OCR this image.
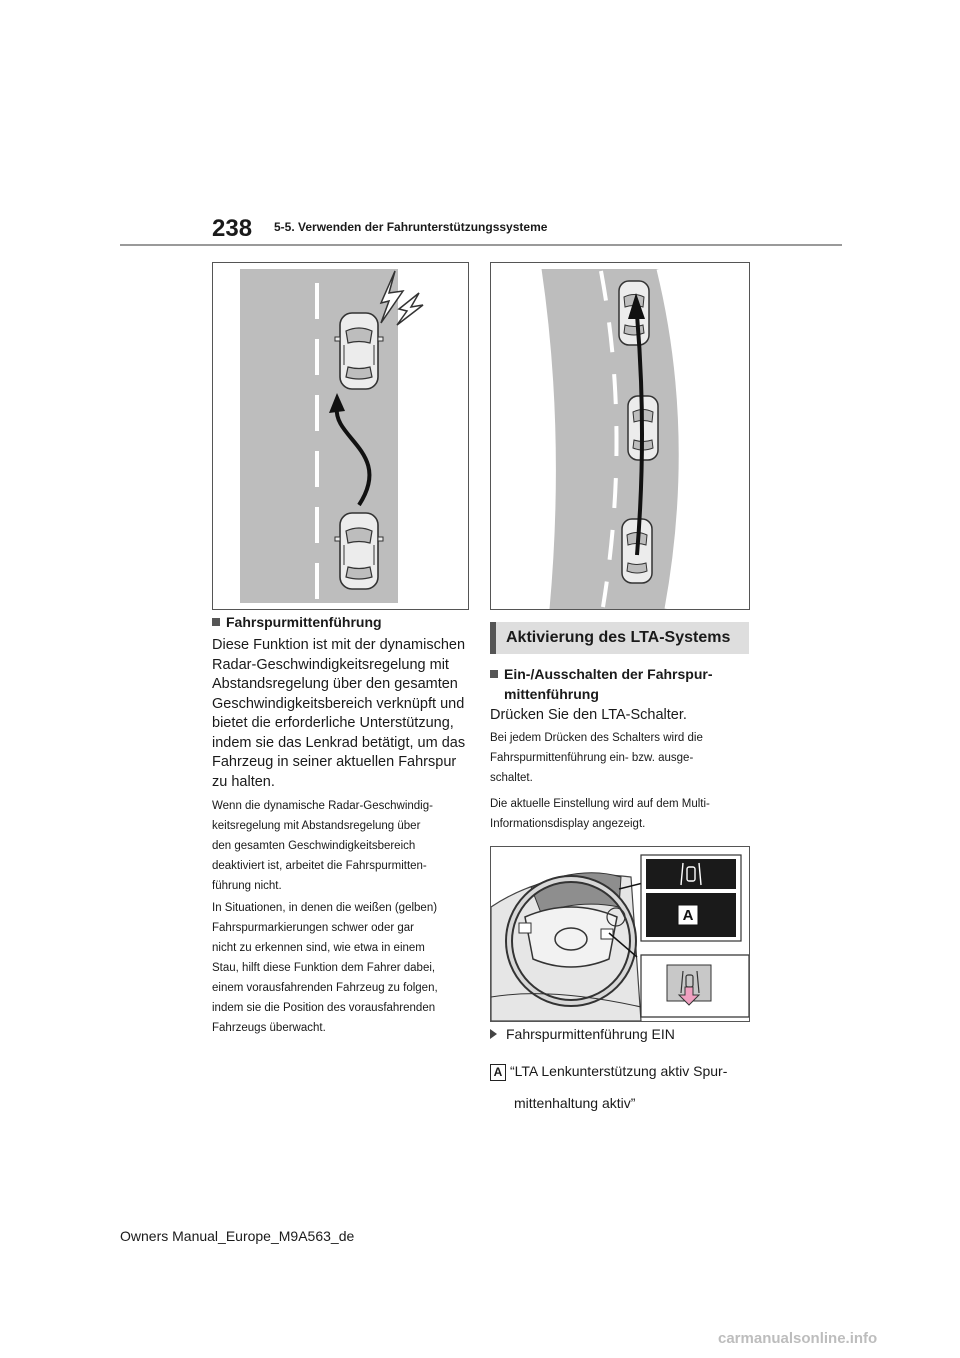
238 5-5. Verwenden der Fahrunterstützungssysteme
Fahrspurmittenführung
Diese Funktion ist mit der dynamischen
Radar-Geschwindigkeitsregelung mit
Abstandsregelung über den gesamten
Geschwindigkeitsbereich verknüpft und
bietet die erforderliche Unterstützung,
indem sie das Lenkrad betätigt, um das
Fahrzeug in seiner aktuellen Fahrspur
zu halten.
Wenn die dynamische Radar-Geschwindig-
keitsregelung mit Abstandsregelung über
den gesamten Geschwindigkeitsbereich
deaktiviert ist, arbeitet die Fahrspurmitten-
führung nicht.
In Situationen, in denen die weißen (gelben)
Fahrspurmarkierungen schwer oder gar
nicht zu erkennen sind, wie etwa in einem
Stau, hilft diese Funktion dem Fahrer dabei,
einem vorausfahrenden Fahrzeug zu folgen,
indem sie die Position des vorausfahrenden
Fahrzeugs überwacht.
Aktivierung des LTA-Systems
Ein-/Ausschalten der Fahrspur-
mittenführung
Drücken Sie den LTA-Schalter.
Bei jedem Drücken des Schalters wird die
Fahrspurmittenführung ein- bzw. ausge-
schaltet.
Die aktuelle Einstellung wird auf dem Multi-
Informationsdisplay angezeigt.
A
Fahrspurmittenführung EIN
A “LTA Lenkunterstützung aktiv Spur-
mittenhaltung aktiv”
Owners Manual_Europe_M9A563_de
carmanualsonline.info
